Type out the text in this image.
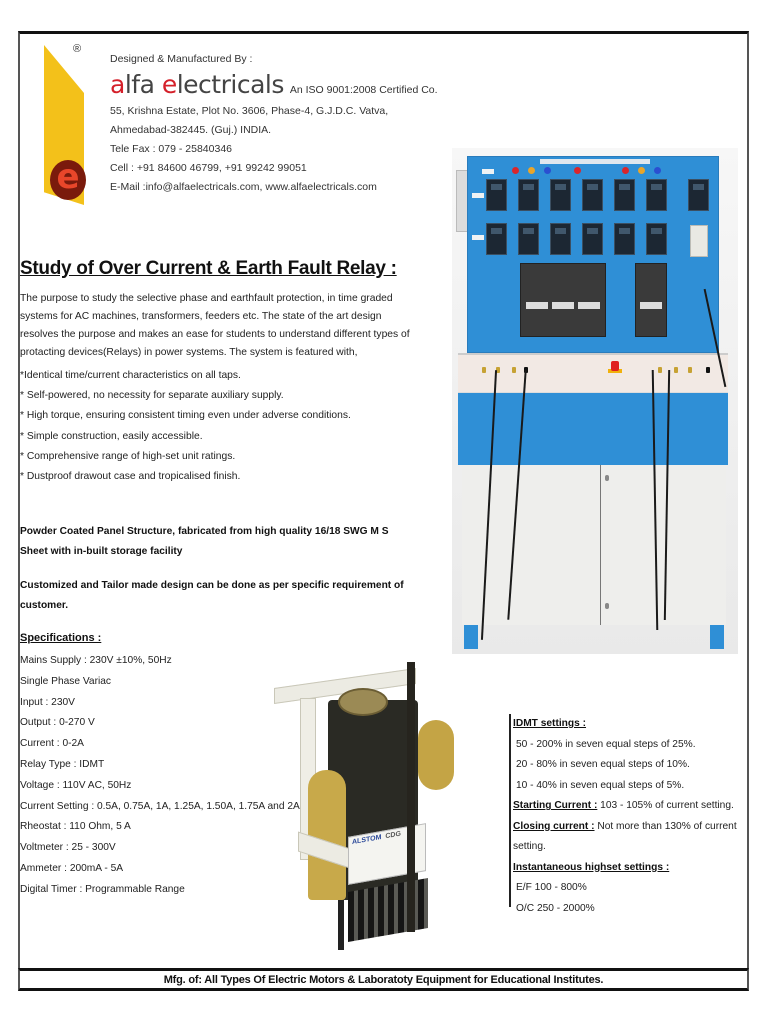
e
®
Designed & Manufactured By :
alfa electricals An ISO 9001:2008 Certified Co.
55, Krishna Estate, Plot No. 3606, Phase-4, G.J.D.C. Vatva,
Ahmedabad-382445. (Guj.) INDIA.
Tele Fax : 079 - 25840346
Cell : +91 84600 46799, +91 99242 99051
E-Mail :info@alfaelectricals.com, www.alfaelectricals.com
Study of Over Current & Earth Fault Relay :
The purpose to study the selective phase and earthfault protection, in time graded systems for AC machines, transformers, feeders etc. The state of the art design resolves the purpose and makes an ease for students to understand different types of protacting devices(Relays) in power systems. The system is featured with,
*Identical time/current characteristics on all taps.
* Self-powered, no necessity for separate auxiliary supply.
* High torque, ensuring consistent timing even under adverse conditions.
* Simple construction, easily accessible.
* Comprehensive range of high-set unit ratings.
* Dustproof drawout case and tropicalised finish.
Powder Coated Panel Structure, fabricated from high quality 16/18 SWG M S Sheet with in-built storage facility
Customized and Tailor made design can be done as per specific requirement of customer.
Specifications :
Mains Supply : 230V ±10%, 50Hz
Single Phase Variac
Input : 230V
Output : 0-270 V
Current : 0-2A
Relay Type : IDMT
Voltage : 110V AC, 50Hz
Current Setting : 0.5A, 0.75A, 1A, 1.25A, 1.50A, 1.75A and 2A
Rheostat : 110 Ohm, 5 A
Voltmeter : 25 - 300V
Ammeter : 200mA - 5A
Digital Timer : Programmable Range
IDMT settings :
50 - 200% in seven equal steps of 25%.
20 - 80% in seven equal steps of 10%.
10 - 40% in seven equal steps of 5%.
Starting Current : 103 - 105% of current setting.
Closing current : Not more than 130% of current setting.
Instantaneous highset settings :
E/F 100 - 800%
O/C 250 - 2000%
ALSTOM CDG
Mfg. of: All Types Of Electric Motors & Laboratoty Equipment for Educational Institutes.
